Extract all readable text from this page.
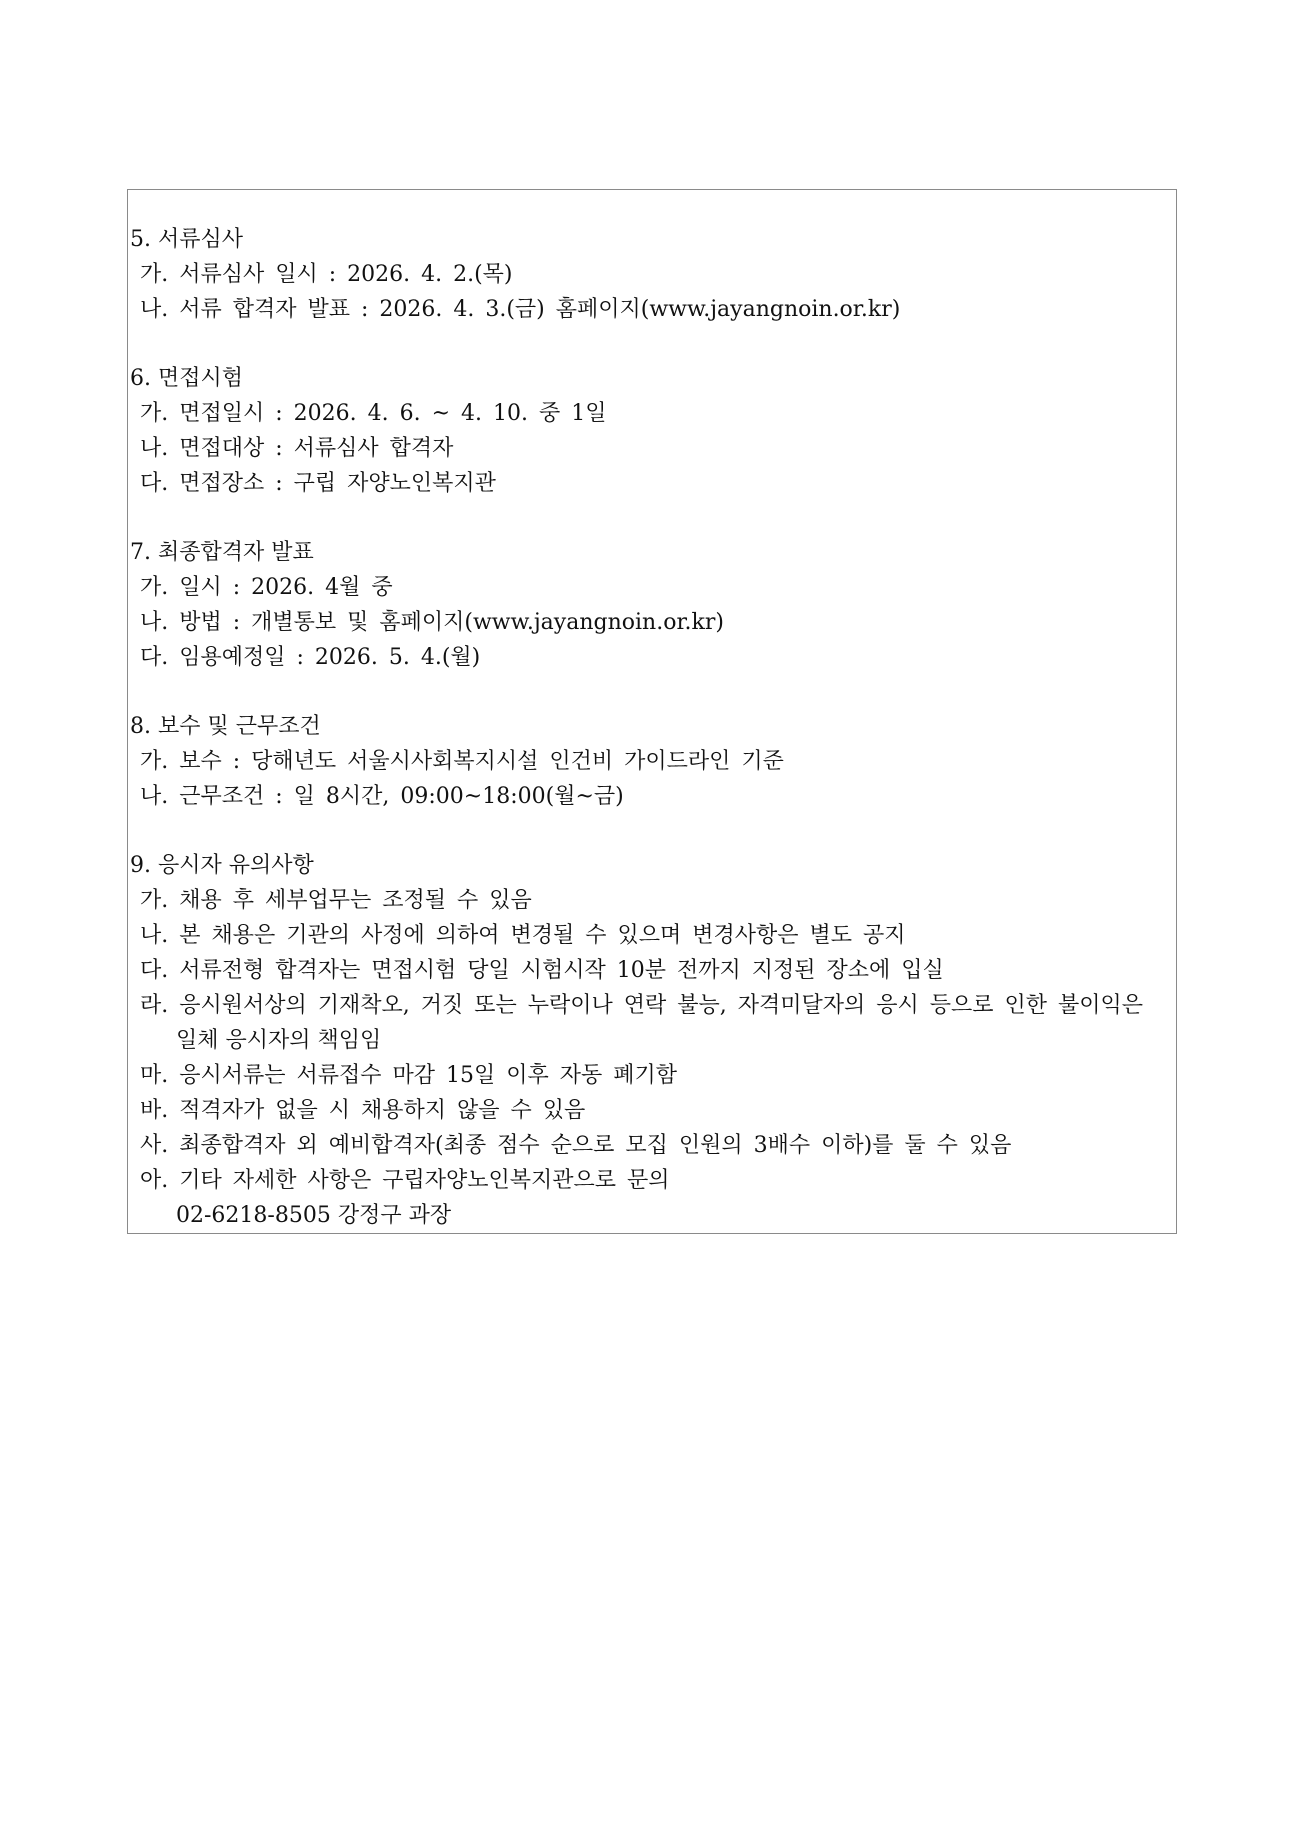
5. 서류심사
가. 서류심사 일시 : 2026. 4. 2.(목)
나. 서류 합격자 발표 : 2026. 4. 3.(금) 홈페이지(www.jayangnoin.or.kr)
6. 면접시험
가. 면접일시 : 2026. 4. 6. ~ 4. 10. 중 1일
나. 면접대상 : 서류심사 합격자
다. 면접장소 : 구립 자양노인복지관
7. 최종합격자 발표
가. 일시 : 2026. 4월 중
나. 방법 : 개별통보 및 홈페이지(www.jayangnoin.or.kr)
다. 임용예정일 : 2026. 5. 4.(월)
8. 보수 및 근무조건
가. 보수 : 당해년도 서울시사회복지시설 인건비 가이드라인 기준
나. 근무조건 : 일 8시간, 09:00~18:00(월~금)
9. 응시자 유의사항
가. 채용 후 세부업무는 조정될 수 있음
나. 본 채용은 기관의 사정에 의하여 변경될 수 있으며 변경사항은 별도 공지
다. 서류전형 합격자는 면접시험 당일 시험시작 10분 전까지 지정된 장소에 입실
라. 응시원서상의 기재착오, 거짓 또는 누락이나 연락 불능, 자격미달자의 응시 등으로 인한 불이익은
일체 응시자의 책임임
마. 응시서류는 서류접수 마감 15일 이후 자동 폐기함
바. 적격자가 없을 시 채용하지 않을 수 있음
사. 최종합격자 외 예비합격자(최종 점수 순으로 모집 인원의 3배수 이하)를 둘 수 있음
아. 기타 자세한 사항은 구립자양노인복지관으로 문의
02-6218-8505 강정구 과장
